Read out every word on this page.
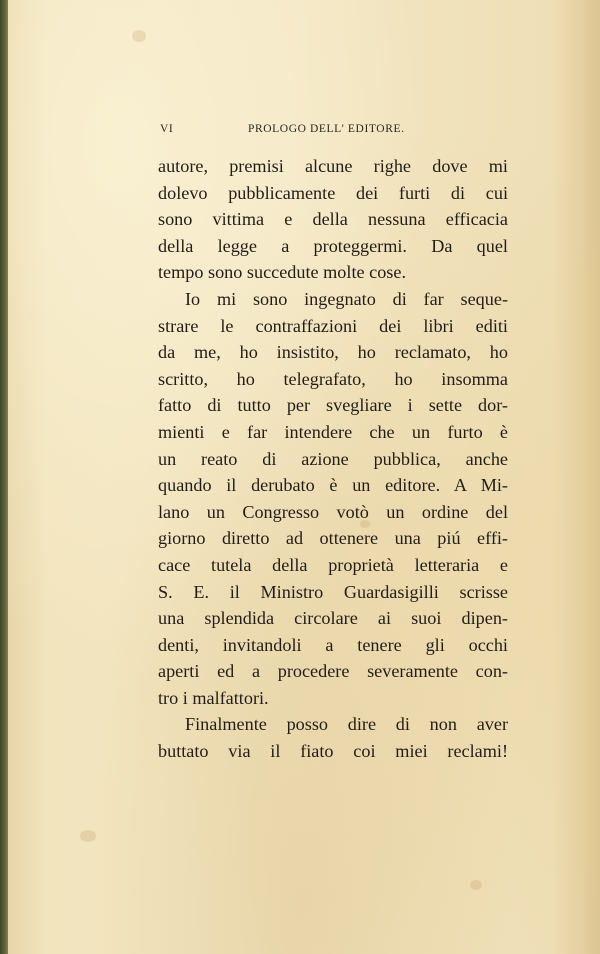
VI	PROLOGO DELL' EDITORE.
autore, premisi alcune righe dove mi
dolevo pubblicamente dei furti di cui
sono vittima e della nessuna efficacia
della legge a proteggermi. Da quel
tempo sono succedute molte cose.
Io mi sono ingegnato di far seque-
strare le contraffazioni dei libri editi
da me, ho insistito, ho reclamato, ho
scritto, ho telegrafato, ho insomma
fatto di tutto per svegliare i sette dor-
mienti e far intendere che un furto è
un reato di azione pubblica, anche
quando il derubato è un editore. A Mi-
lano un Congresso votò un ordine del
giorno diretto ad ottenere una piú effi-
cace tutela della proprietà letteraria e
S. E. il Ministro Guardasigilli scrisse
una splendida circolare ai suoi dipen-
denti, invitandoli a tenere gli occhi
aperti ed a procedere severamente con-
tro i malfattori.
Finalmente posso dire di non aver
buttato via il fiato coi miei reclami!
